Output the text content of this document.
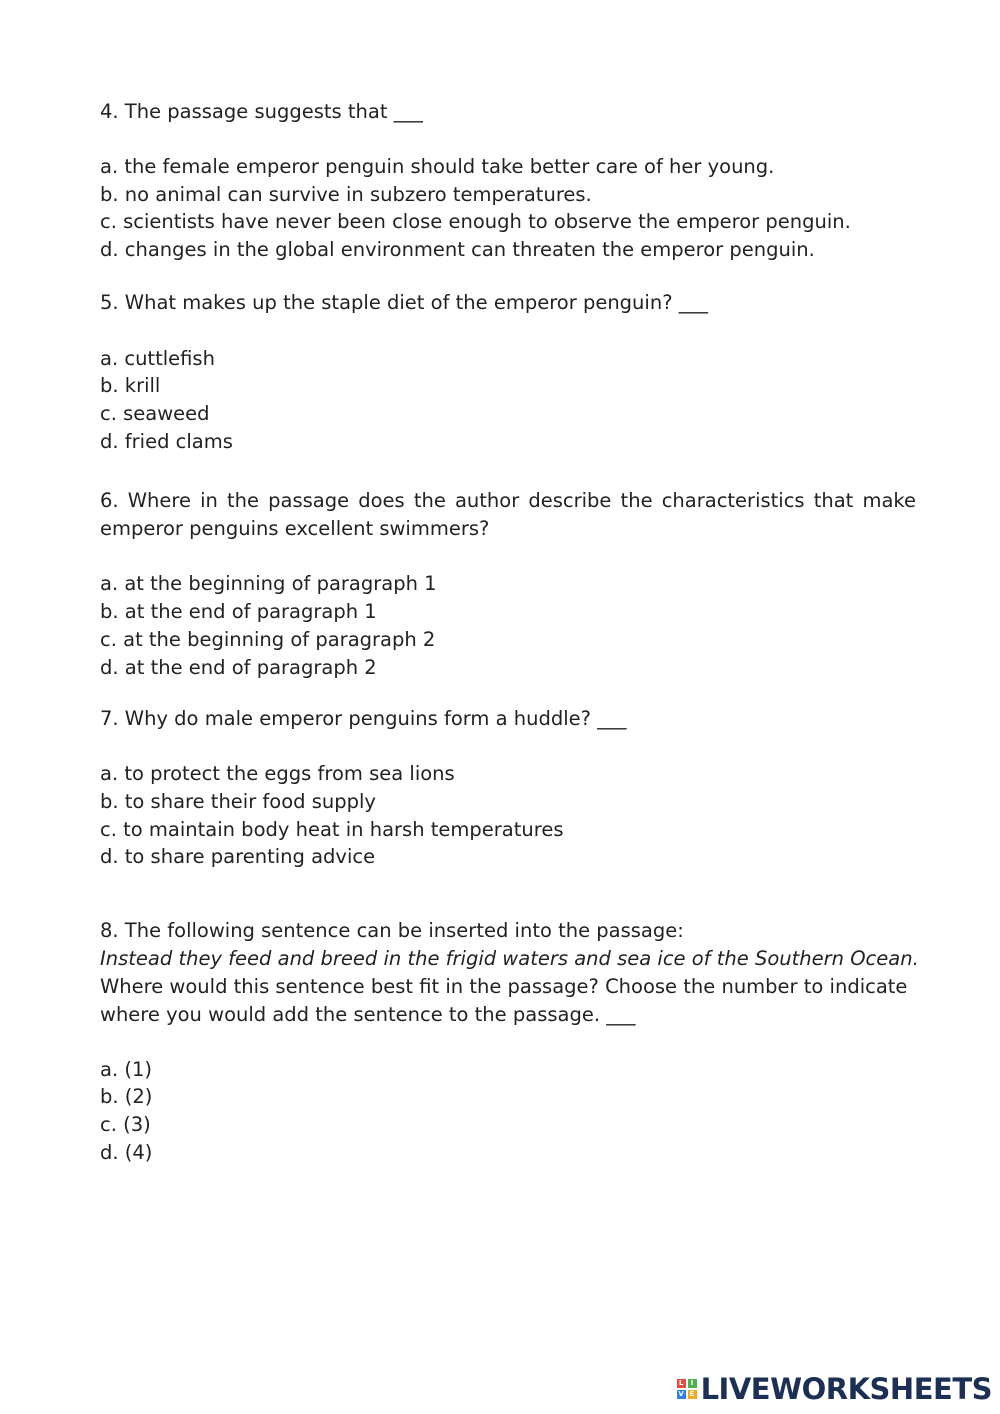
4. The passage suggests that ___

a. the female emperor penguin should take better care of her young.

b. no animal can survive in subzero temperatures.

c. scientists have never been close enough to observe the emperor penguin.

d. changes in the global environment can threaten the emperor penguin.

5. What makes up the staple diet of the emperor penguin? ___

a. cuttlefish

b. krill

c. seaweed

d. fried clams

6. Where in the passage does the author describe the characteristics that make

emperor penguins excellent swimmers?

a. at the beginning of paragraph 1

b. at the end of paragraph 1

c. at the beginning of paragraph 2

d. at the end of paragraph 2

7. Why do male emperor penguins form a huddle? ___

a. to protect the eggs from sea lions

b. to share their food supply

c. to maintain body heat in harsh temperatures

d. to share parenting advice

8. The following sentence can be inserted into the passage:

Instead they feed and breed in the frigid waters and sea ice of the Southern Ocean.

Where would this sentence best fit in the passage? Choose the number to indicate

where you would add the sentence to the passage. ___

a. (1)

b. (2)

c. (3)

d. (4)

L	I
V E LIVEWORKSHEETS
